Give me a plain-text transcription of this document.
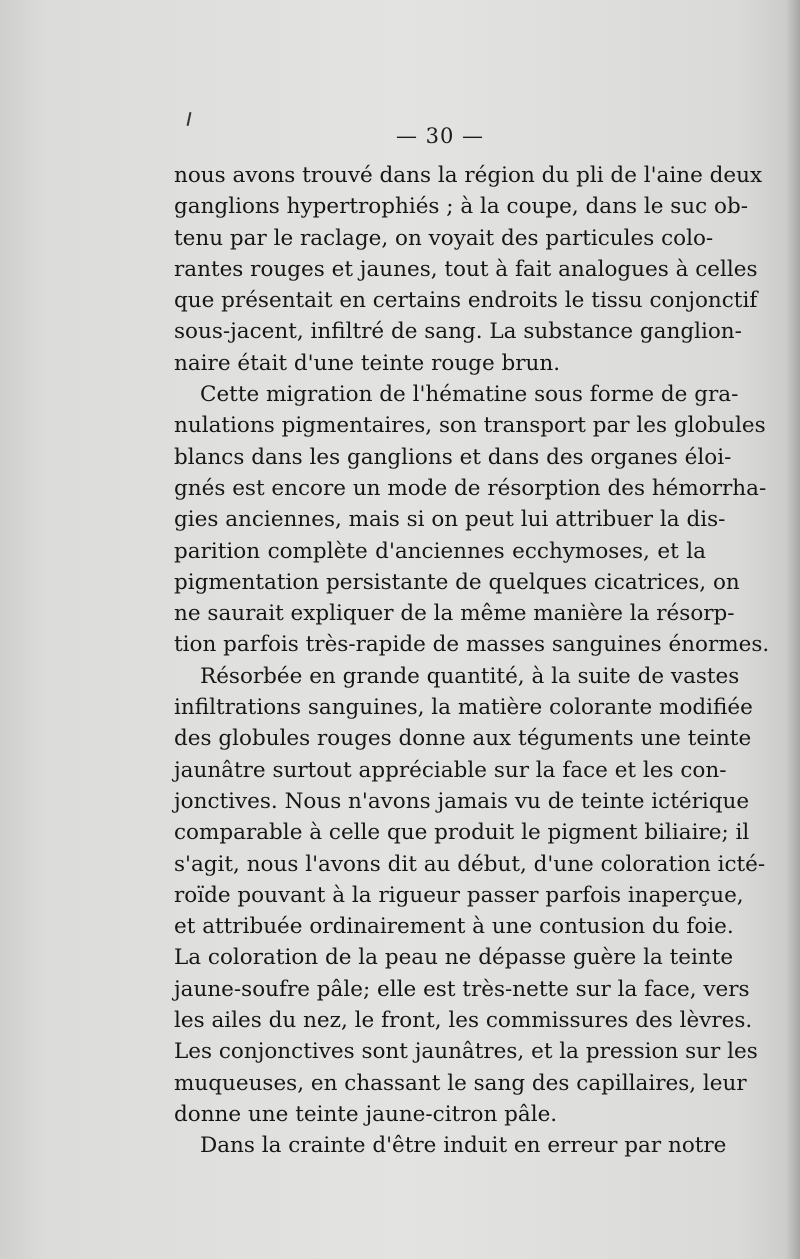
— 30 —
nous avons trouvé dans la région du pli de l'aine deux
ganglions hypertrophiés ; à la coupe, dans le suc ob-
tenu par le raclage, on voyait des particules colo-
rantes rouges et jaunes, tout à fait analogues à celles
que présentait en certains endroits le tissu conjonctif
sous-jacent, infiltré de sang. La substance ganglion-
naire était d'une teinte rouge brun.
Cette migration de l'hématine sous forme de gra-
nulations pigmentaires, son transport par les globules
blancs dans les ganglions et dans des organes éloi-
gnés est encore un mode de résorption des hémorrha-
gies anciennes, mais si on peut lui attribuer la dis-
parition complète d'anciennes ecchymoses, et la
pigmentation persistante de quelques cicatrices, on
ne saurait expliquer de la même manière la résorp-
tion parfois très-rapide de masses sanguines énormes.
Résorbée en grande quantité, à la suite de vastes
infiltrations sanguines, la matière colorante modifiée
des globules rouges donne aux téguments une teinte
jaunâtre surtout appréciable sur la face et les con-
jonctives. Nous n'avons jamais vu de teinte ictérique
comparable à celle que produit le pigment biliaire; il
s'agit, nous l'avons dit au début, d'une coloration icté-
roïde pouvant à la rigueur passer parfois inaperçue,
et attribuée ordinairement à une contusion du foie.
La coloration de la peau ne dépasse guère la teinte
jaune-soufre pâle; elle est très-nette sur la face, vers
les ailes du nez, le front, les commissures des lèvres.
Les conjonctives sont jaunâtres, et la pression sur les
muqueuses, en chassant le sang des capillaires, leur
donne une teinte jaune-citron pâle.
Dans la crainte d'être induit en erreur par notre
